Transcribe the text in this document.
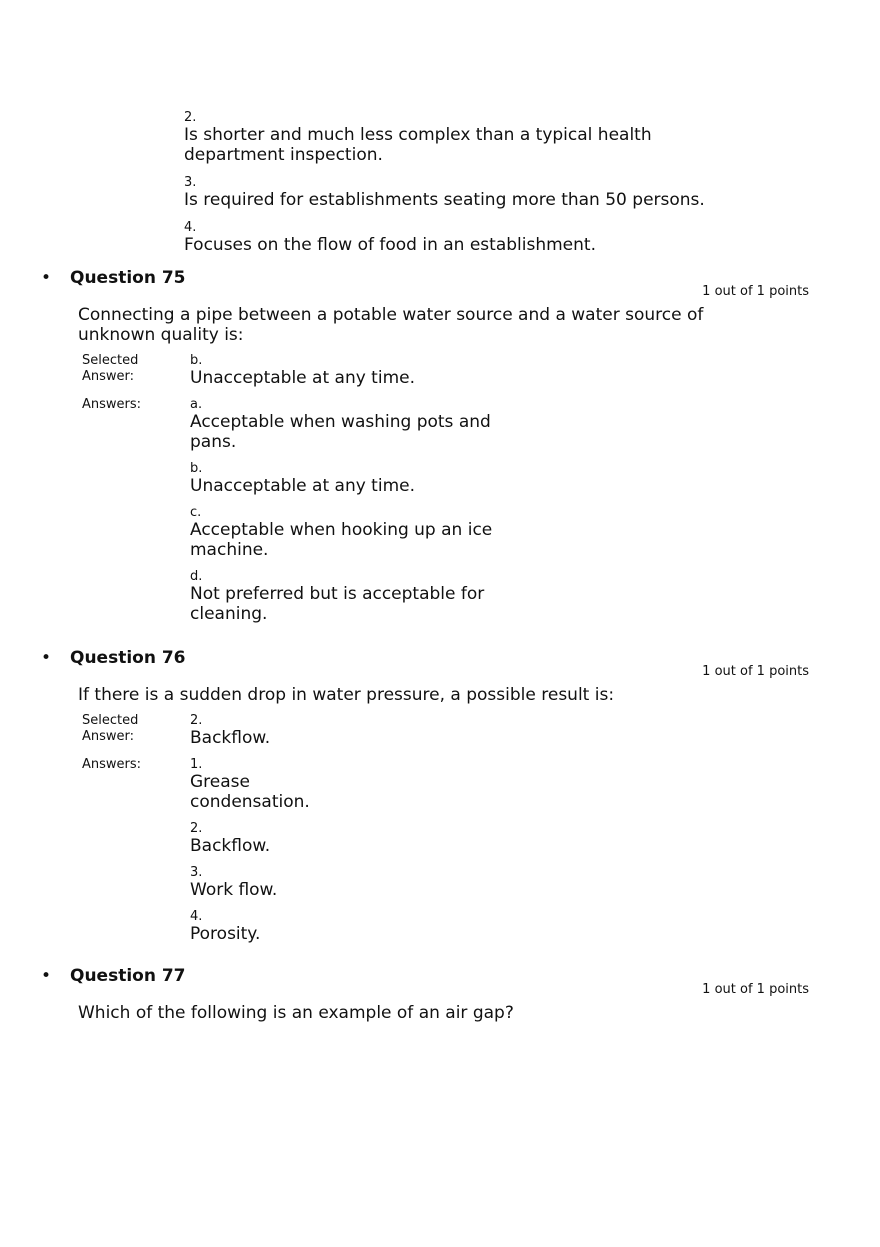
2.
Is shorter and much less complex than a typical health department inspection.
3.
Is required for establishments seating more than 50 persons.
4.
Focuses on the flow of food in an establishment.
• Question 75
1 out of 1 points
Connecting a pipe between a potable water source and a water source of unknown quality is:
Selected
Answer:
b.
Unacceptable at any time.
Answers:	a.
Acceptable when washing pots and pans.
b.
Unacceptable at any time.
c.
Acceptable when hooking up an ice machine.
d.
Not preferred but is acceptable for cleaning.
• Question 76
1 out of 1 points
If there is a sudden drop in water pressure, a possible result is:
Selected
Answer:
2.
Backflow.
Answers:	1.
Grease condensation.
2.
Backflow.
3.
Work flow.
4.
Porosity.
• Question 77
1 out of 1 points
Which of the following is an example of an air gap?
